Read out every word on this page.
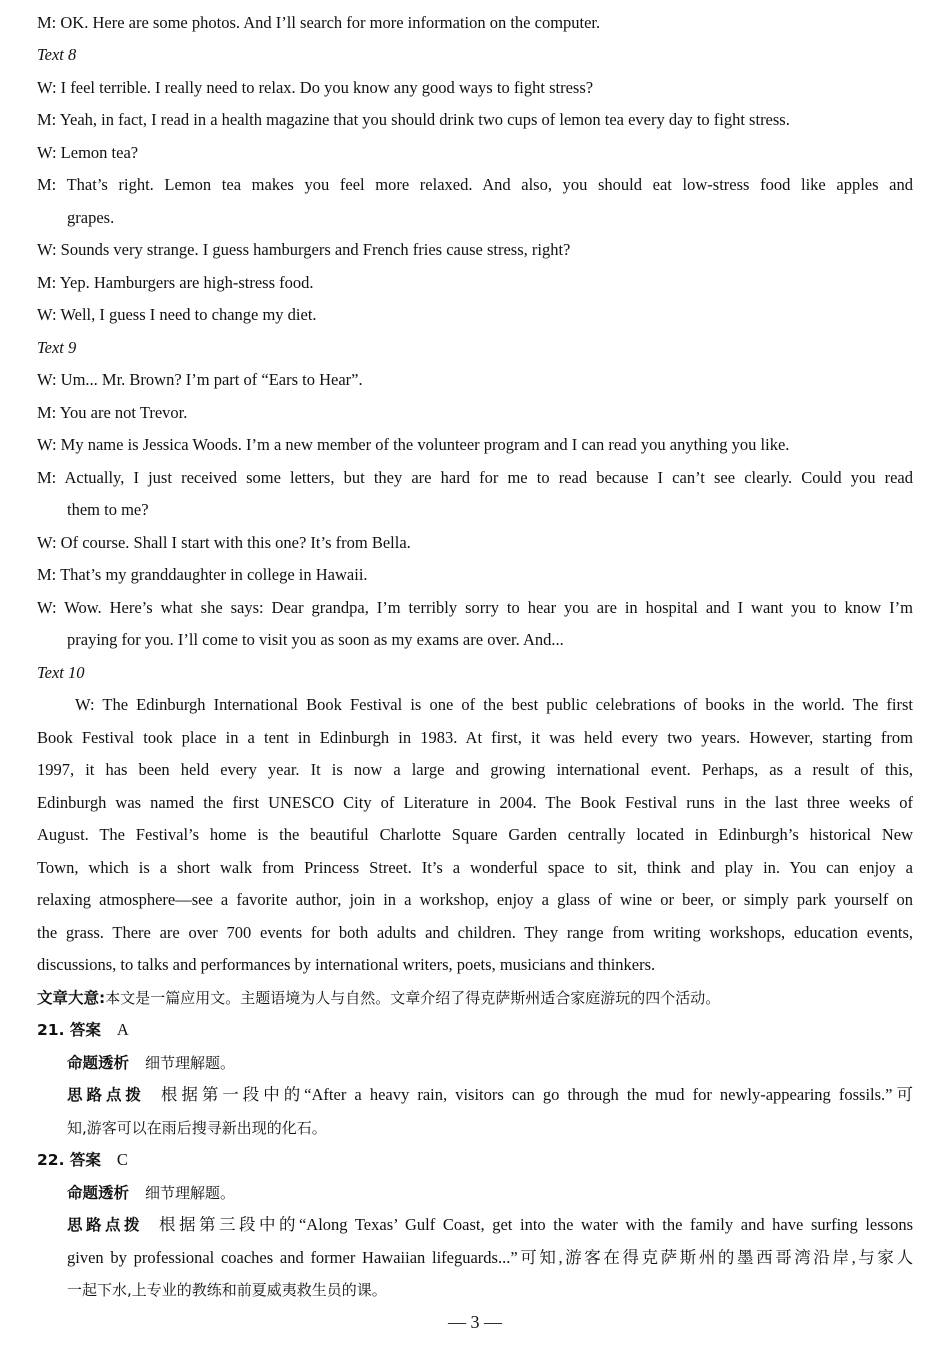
M: OK. Here are some photos. And I’ll search for more information on the computer.
Text 8
W: I feel terrible. I really need to relax. Do you know any good ways to fight stress?
M: Yeah, in fact, I read in a health magazine that you should drink two cups of lemon tea every day to fight stress.
W: Lemon tea?
M: That’s right. Lemon tea makes you feel more relaxed. And also, you should eat low-stress food like apples and
grapes.
W: Sounds very strange. I guess hamburgers and French fries cause stress, right?
M: Yep. Hamburgers are high-stress food.
W: Well, I guess I need to change my diet.
Text 9
W: Um... Mr. Brown? I’m part of “Ears to Hear”.
M: You are not Trevor.
W: My name is Jessica Woods. I’m a new member of the volunteer program and I can read you anything you like.
M: Actually, I just received some letters, but they are hard for me to read because I can’t see clearly. Could you read
them to me?
W: Of course. Shall I start with this one? It’s from Bella.
M: That’s my granddaughter in college in Hawaii.
W: Wow. Here’s what she says: Dear grandpa, I’m terribly sorry to hear you are in hospital and I want you to know I’m
praying for you. I’ll come to visit you as soon as my exams are over. And...
Text 10
W: The Edinburgh International Book Festival is one of the best public celebrations of books in the world. The first
Book Festival took place in a tent in Edinburgh in 1983. At first, it was held every two years. However, starting from
1997, it has been held every year. It is now a large and growing international event. Perhaps, as a result of this,
Edinburgh was named the first UNESCO City of Literature in 2004. The Book Festival runs in the last three weeks of
August. The Festival’s home is the beautiful Charlotte Square Garden centrally located in Edinburgh’s historical New
Town, which is a short walk from Princess Street. It’s a wonderful space to sit, think and play in. You can enjoy a
relaxing atmosphere—see a favorite author, join in a workshop, enjoy a glass of wine or beer, or simply park yourself on
the grass. There are over 700 events for both adults and children. They range from writing workshops, education events,
discussions, to talks and performances by international writers, poets, musicians and thinkers.
文章大意:本文是一篇应用文。主题语境为人与自然。文章介绍了得克萨斯州适合家庭游玩的四个活动。
21. 答案 A
命题透析 细节理解题。
思路点拨 根据第一段中的“After a heavy rain, visitors can go through the mud for newly-appearing fossils.”可
知,游客可以在雨后搜寻新出现的化石。
22. 答案 C
命题透析 细节理解题。
思路点拨 根据第三段中的“Along Texas’ Gulf Coast, get into the water with the family and have surfing lessons
given by professional coaches and former Hawaiian lifeguards...”可知,游客在得克萨斯州的墨西哥湾沿岸,与家人
一起下水,上专业的教练和前夏威夷救生员的课。
— 3 —
